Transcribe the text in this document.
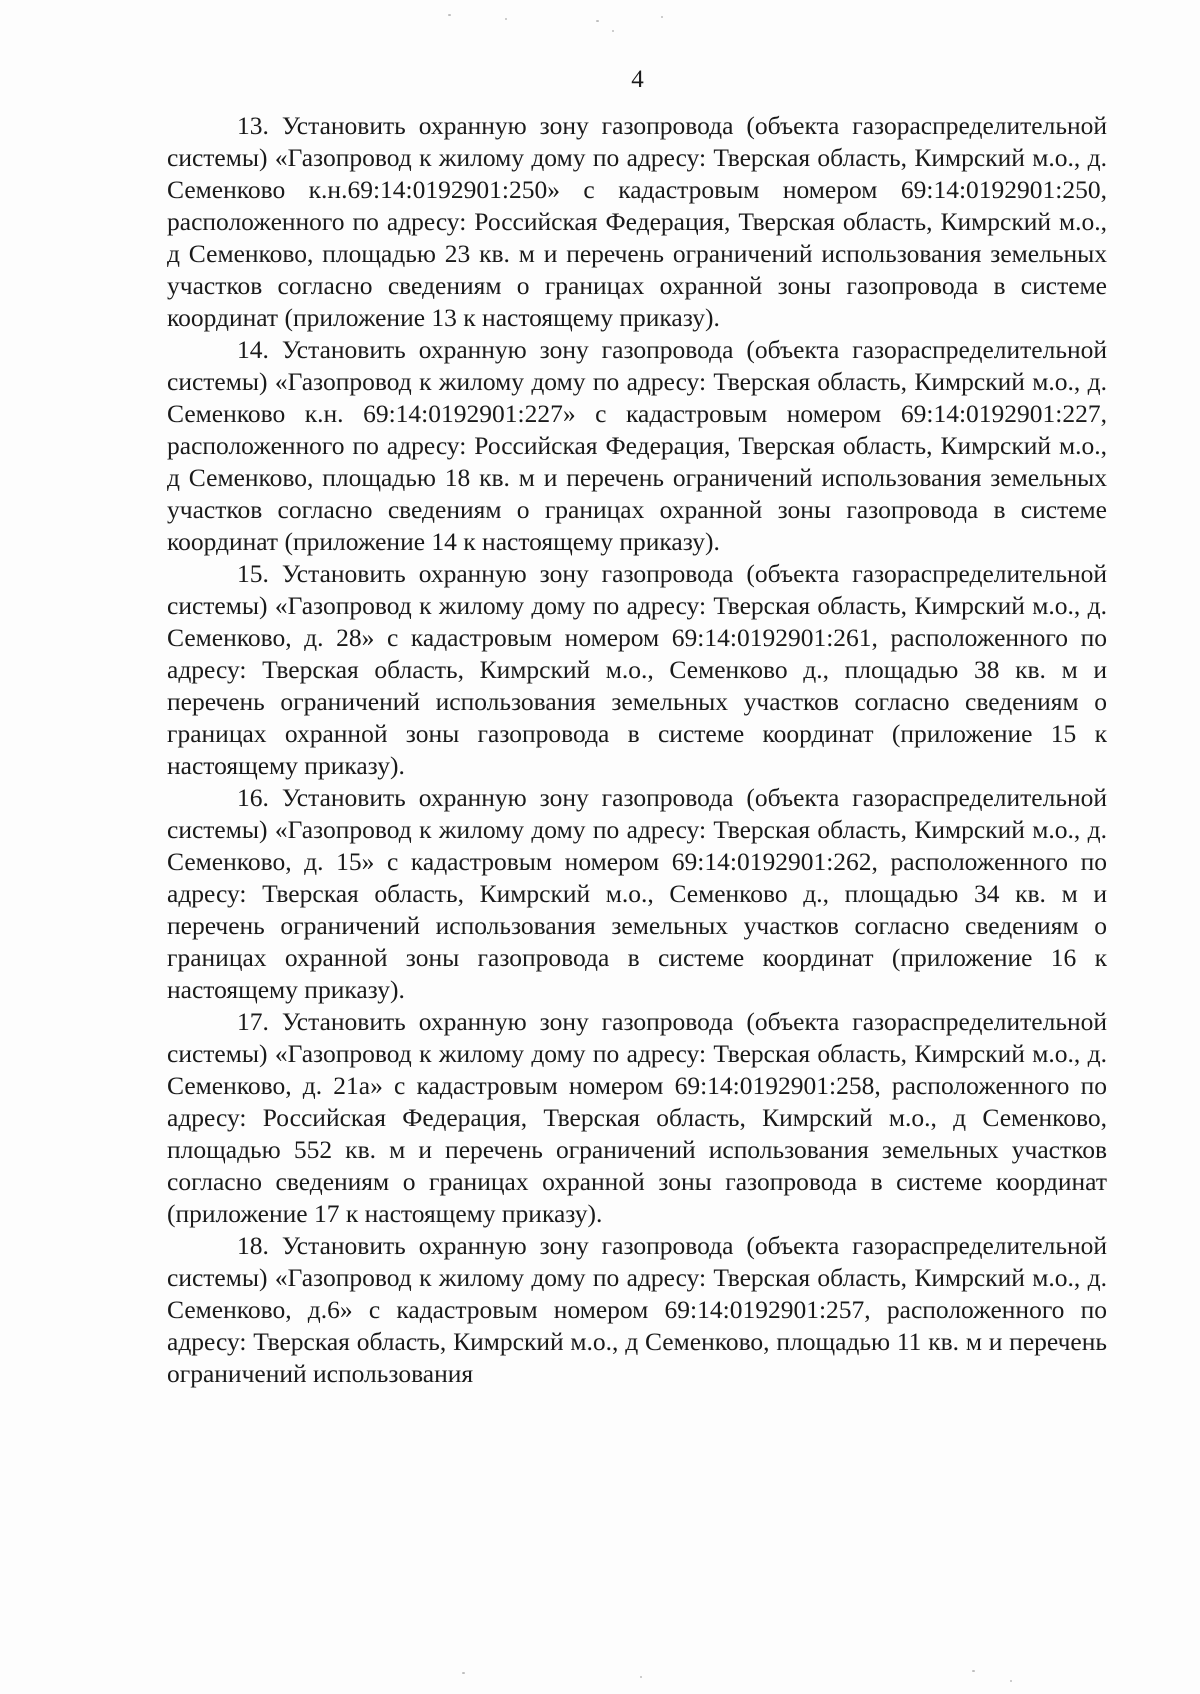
4

13. Установить охранную зону газопровода (объекта газораспределительной системы) «Газопровод к жилому дому по адресу: Тверская область, Кимрский м.о., д. Семенково к.н.69:14:0192901:250» с кадастровым номером 69:14:0192901:250, расположенного по адресу: Российская Федерация, Тверская область, Кимрский м.о., д Семенково, площадью 23 кв. м и перечень ограничений использования земельных участков согласно сведениям о границах охранной зоны газопровода в системе координат (приложение 13 к настоящему приказу).

14. Установить охранную зону газопровода (объекта газораспределительной системы) «Газопровод к жилому дому по адресу: Тверская область, Кимрский м.о., д. Семенково к.н. 69:14:0192901:227» с кадастровым номером 69:14:0192901:227, расположенного по адресу: Российская Федерация, Тверская область, Кимрский м.о., д Семенково, площадью 18 кв. м и перечень ограничений использования земельных участков согласно сведениям о границах охранной зоны газопровода в системе координат (приложение 14 к настоящему приказу).

15. Установить охранную зону газопровода (объекта газораспределительной системы) «Газопровод к жилому дому по адресу: Тверская область, Кимрский м.о., д. Семенково, д. 28» с кадастровым номером 69:14:0192901:261, расположенного по адресу: Тверская область, Кимрский м.о., Семенково д., площадью 38 кв. м и перечень ограничений использования земельных участков согласно сведениям о границах охранной зоны газопровода в системе координат (приложение 15 к настоящему приказу).

16. Установить охранную зону газопровода (объекта газораспределительной системы) «Газопровод к жилому дому по адресу: Тверская область, Кимрский м.о., д. Семенково, д. 15» с кадастровым номером 69:14:0192901:262, расположенного по адресу: Тверская область, Кимрский м.о., Семенково д., площадью 34 кв. м и перечень ограничений использования земельных участков согласно сведениям о границах охранной зоны газопровода в системе координат (приложение 16 к настоящему приказу).

17. Установить охранную зону газопровода (объекта газораспределительной системы) «Газопровод к жилому дому по адресу: Тверская область, Кимрский м.о., д. Семенково, д. 21а» с кадастровым номером 69:14:0192901:258, расположенного по адресу: Российская Федерация, Тверская область, Кимрский м.о., д Семенково, площадью 552 кв. м и перечень ограничений использования земельных участков согласно сведениям о границах охранной зоны газопровода в системе координат (приложение 17 к настоящему приказу).

18. Установить охранную зону газопровода (объекта газораспределительной системы) «Газопровод к жилому дому по адресу: Тверская область, Кимрский м.о., д. Семенково, д.6» с кадастровым номером 69:14:0192901:257, расположенного по адресу: Тверская область, Кимрский м.о., д Семенково, площадью 11 кв. м и перечень ограничений использования
